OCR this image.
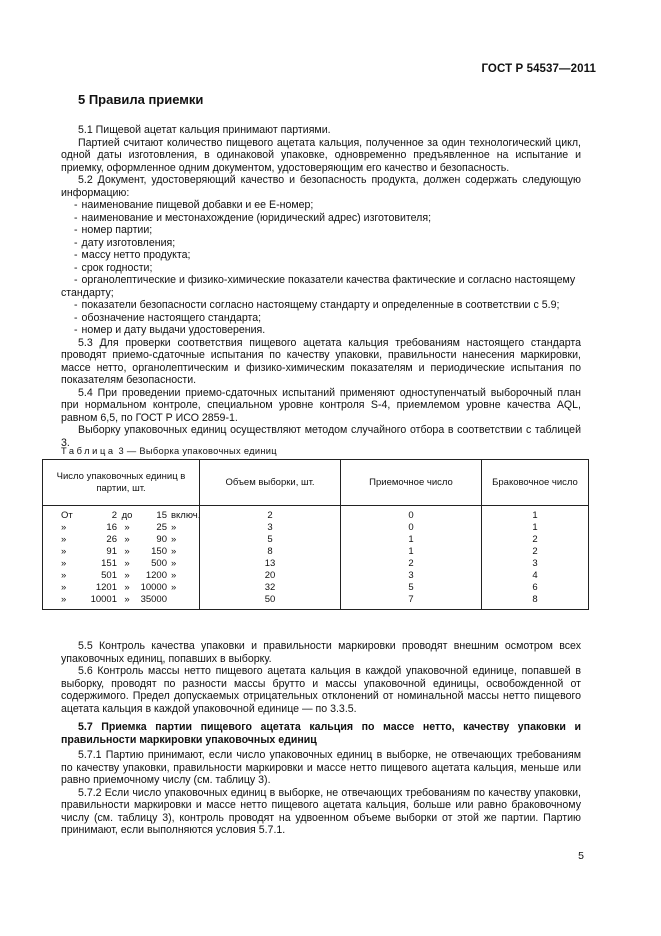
ГОСТ Р 54537—2011
5 Правила приемки

5.1 Пищевой ацетат кальция принимают партиями.

Партией считают количество пищевого ацетата кальция, полученное за один технологический цикл, одной даты изготовления, в одинаковой упаковке, одновременно предъявленное на испытание и приемку, оформленное одним документом, удостоверяющим его качество и безопасность.

5.2 Документ, удостоверяющий качество и безопасность продукта, должен содержать следующую информацию:

- наименование пищевой добавки и ее Е-номер;
- наименование и местонахождение (юридический адрес) изготовителя;
- номер партии;
- дату изготовления;
- массу нетто продукта;
- срок годности;
- органолептические и физико-химические показатели качества фактические и согласно настоящему стандарту;
- показатели безопасности согласно настоящему стандарту и определенные в соответствии с 5.9;
- обозначение настоящего стандарта;
- номер и дату выдачи удостоверения.

5.3 Для проверки соответствия пищевого ацетата кальция требованиям настоящего стандарта проводят приемо-сдаточные испытания по качеству упаковки, правильности нанесения маркировки, массе нетто, органолептическим и физико-химическим показателям и периодические испытания по показателям безопасности.

5.4 При проведении приемо-сдаточных испытаний применяют одноступенчатый выборочный план при нормальном контроле, специальном уровне контроля S-4, приемлемом уровне качества AQL, равном 6,5, по ГОСТ Р ИСО 2859-1.

Выборку упаковочных единиц осуществляют методом случайного отбора в соответствии с таблицей 3.

Таблица 3 — Выборка упаковочных единиц
Число упаковочных единиц в партии, шт.	Объем выборки, шт.	Приемочное число	Браковочное число
От 2 до 15 включ.	2	0	1
» 16 » 25 »	3	0	1
» 26 » 90 »	5	1	2
» 91 » 150 »	8	1	2
» 151 » 500 »	13	2	3
» 501 » 1200 »	20	3	4
» 1201 » 10000 »	32	5	6
» 10001 » 35000	50	7	8

5.5 Контроль качества упаковки и правильности маркировки проводят внешним осмотром всех упаковочных единиц, попавших в выборку.

5.6 Контроль массы нетто пищевого ацетата кальция в каждой упаковочной единице, попавшей в выборку, проводят по разности массы брутто и массы упаковочной единицы, освобожденной от содержимого. Предел допускаемых отрицательных отклонений от номинальной массы нетто пищевого ацетата кальция в каждой упаковочной единице — по 3.3.5.

5.7 Приемка партии пищевого ацетата кальция по массе нетто, качеству упаковки и правильности маркировки упаковочных единиц

5.7.1 Партию принимают, если число упаковочных единиц в выборке, не отвечающих требованиям по качеству упаковки, правильности маркировки и массе нетто пищевого ацетата кальция, меньше или равно приемочному числу (см. таблицу 3).

5.7.2 Если число упаковочных единиц в выборке, не отвечающих требованиям по качеству упаковки, правильности маркировки и массе нетто пищевого ацетата кальция, больше или равно браковочному числу (см. таблицу 3), контроль проводят на удвоенном объеме выборки от этой же партии. Партию принимают, если выполняются условия 5.7.1.

5
